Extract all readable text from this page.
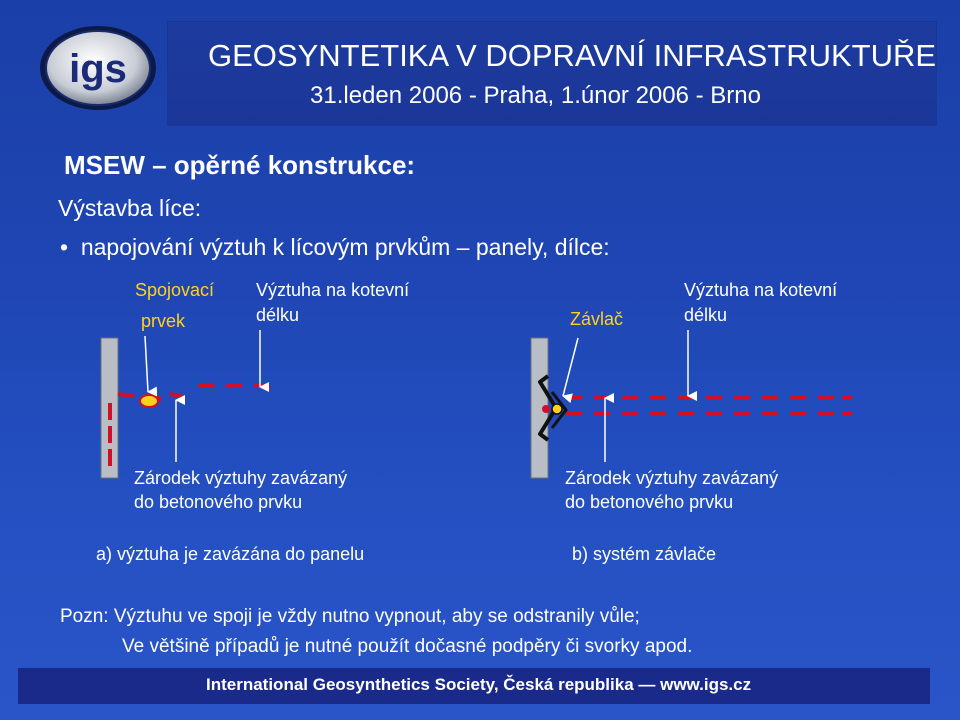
GEOSYNTETIKA V DOPRAVNÍ INFRASTRUKTUŘE
31.leden 2006 - Praha, 1.únor 2006 - Brno
igs
MSEW – opěrné konstrukce:
Výstavba líce:
•  napojování výztuh k lícovým prvkům – panely, dílce:
Spojovací
prvek
Výztuha na kotevní
délku	Závlač
Výztuha na kotevní
délku
Zárodek výztuhy zavázaný
do betonového prvku
Zárodek výztuhy zavázaný
do betonového prvku
a) výztuha je zavázána do panelu	b) systém závlače
Pozn: Výztuhu ve spoji je vždy nutno vypnout, aby se odstranily vůle;
Ve většině případů je nutné použít dočasné podpěry či svorky apod.
International Geosynthetics Society, Česká republika — www.igs.cz
